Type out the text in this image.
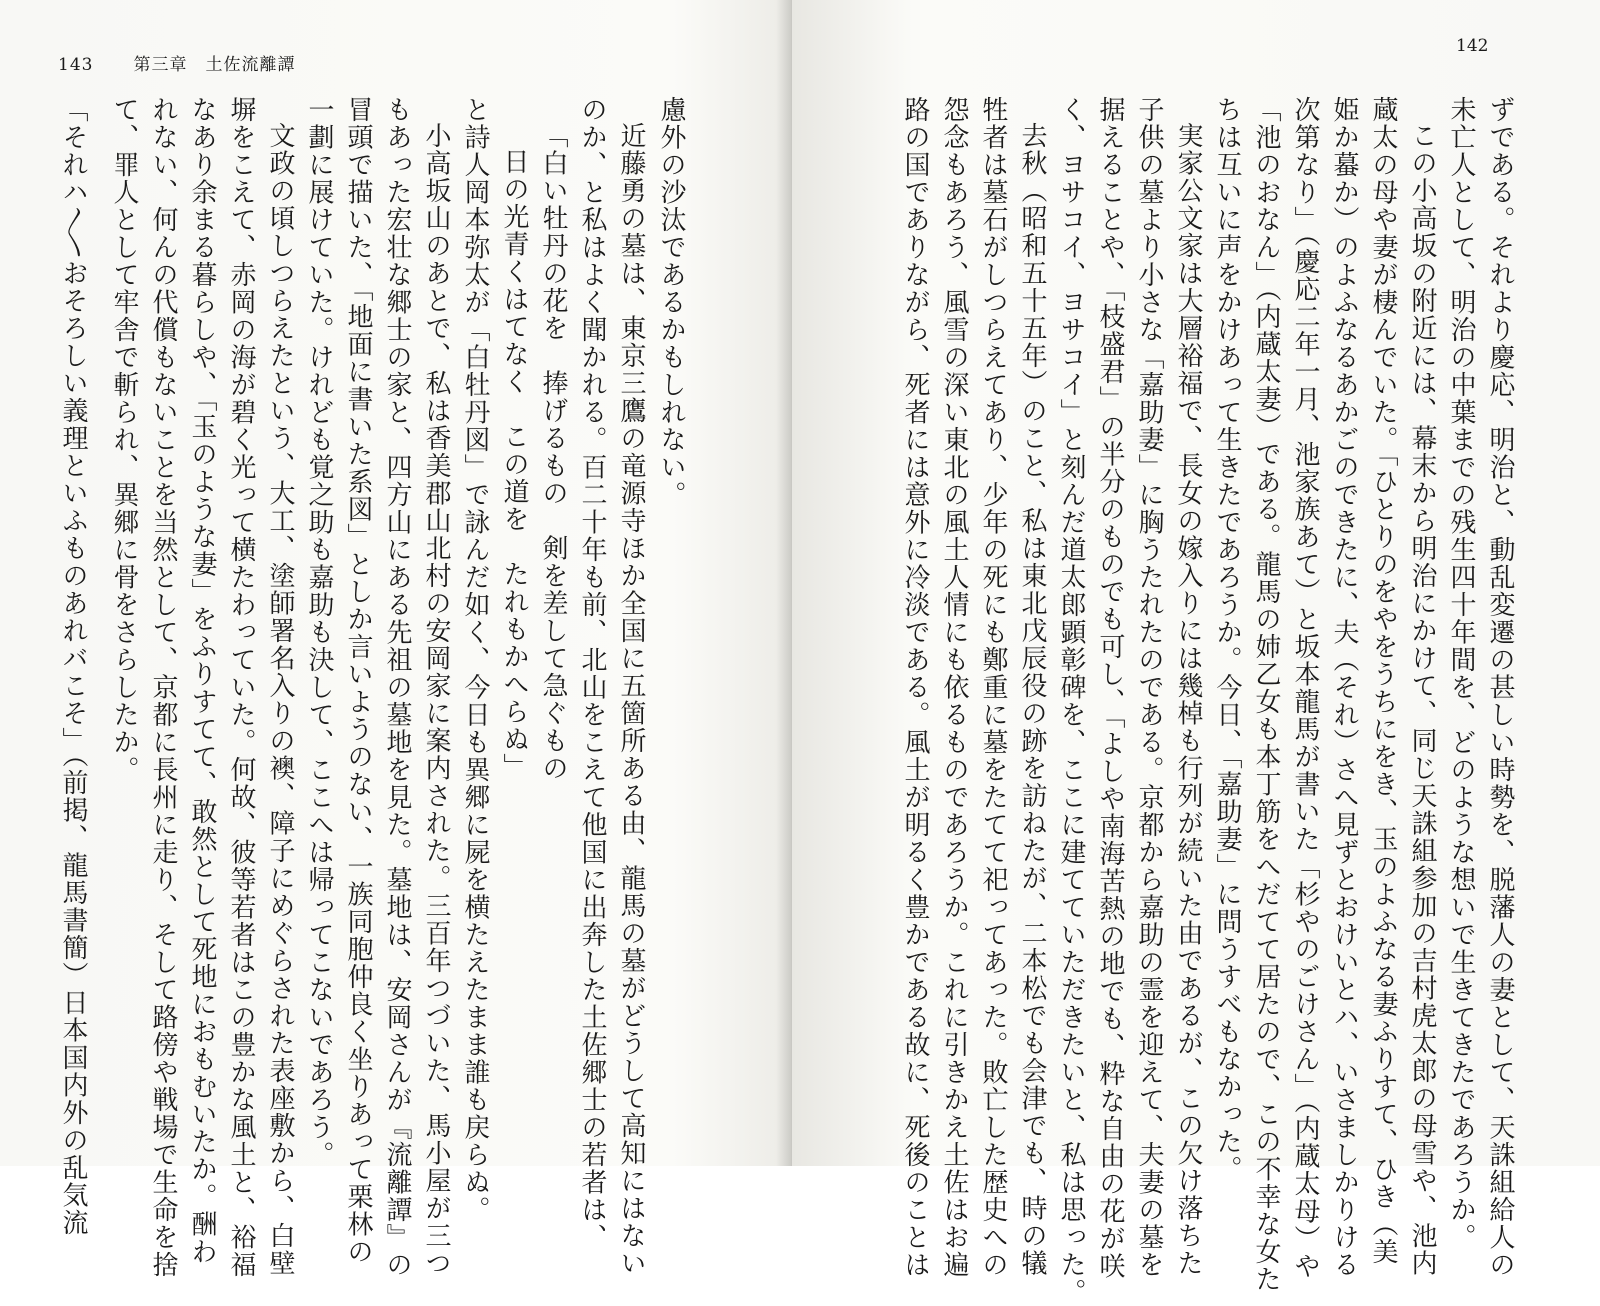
143 第三章　土佐流離譚
慮外の沙汰であるかもしれない。
近藤勇の墓は、東京三鷹の竜源寺ほか全国に五箇所ある由、龍馬の墓がどうして高知にはない
のか、と私はよく聞かれる。百二十年も前、北山をこえて他国に出奔した土佐郷士の若者は、
「白い牡丹の花を　捧げるもの　剣を差して急ぐもの
日の光青くはてなく　この道を　たれもかへらぬ」
と詩人岡本弥太が「白牡丹図」で詠んだ如く、今日も異郷に屍を横たえたまま誰も戻らぬ。
小高坂山のあとで、私は香美郡山北村の安岡家に案内された。三百年つづいた、馬小屋が三つ
もあった宏壮な郷士の家と、四方山にある先祖の墓地を見た。墓地は、安岡さんが『流離譚』の
冒頭で描いた、「地面に書いた系図」としか言いようのない、一族同胞仲良く坐りあって栗林の
一劃に展けていた。けれども覚之助も嘉助も決して、ここへは帰ってこないであろう。
文政の頃しつらえたという、大工、塗師署名入りの襖、障子にめぐらされた表座敷から、白壁
塀をこえて、赤岡の海が碧く光って横たわっていた。何故、彼等若者はこの豊かな風土と、裕福
なあり余まる暮らしや、「玉のような妻」をふりすてて、敢然として死地におもむいたか。酬わ
れない、何んの代償もないことを当然として、京都に長州に走り、そして路傍や戦場で生命を捨
て、罪人として牢舎で斬られ、異郷に骨をさらしたか。
「それハ〳〵おそろしい義理といふものあれバこそ」（前掲、龍馬書簡）日本国内外の乱気流
142
ずである。それより慶応、明治と、動乱変遷の甚しい時勢を、脱藩人の妻として、天誅組給人の
未亡人として、明治の中葉までの残生四十年間を、どのような想いで生きてきたであろうか。
この小高坂の附近には、幕末から明治にかけて、同じ天誅組参加の吉村虎太郎の母雪や、池内
蔵太の母や妻が棲んでいた。「ひとりのをやをうちにをき、玉のよふなる妻ふりすて、ひき（美
姫か蟇か）のよふなるあかごのできたに、夫（それ）さへ見ずとおけいとハ、いさましかりける
次第なり」（慶応二年一月、池家族あて）と坂本龍馬が書いた「杉やのごけさん」（内蔵太母）や
「池のおなん」（内蔵太妻）である。龍馬の姉乙女も本丁筋をへだてて居たので、この不幸な女た
ちは互いに声をかけあって生きたであろうか。今日、「嘉助妻」に問うすべもなかった。
実家公文家は大層裕福で、長女の嫁入りには幾棹も行列が続いた由であるが、この欠け落ちた
子供の墓より小さな「嘉助妻」に胸うたれたのである。京都から嘉助の霊を迎えて、夫妻の墓を
据えることや、「枝盛君」の半分のものでも可し、「よしや南海苦熱の地でも、粋な自由の花が咲
く、ヨサコイ、ヨサコイ」と刻んだ道太郎顕彰碑を、ここに建てていただきたいと、私は思った。
去秋（昭和五十五年）のこと、私は東北戊辰役の跡を訪ねたが、二本松でも会津でも、時の犠
牲者は墓石がしつらえてあり、少年の死にも鄭重に墓をたてて祀ってあった。敗亡した歴史への
怨念もあろう、風雪の深い東北の風土人情にも依るものであろうか。これに引きかえ土佐はお遍
路の国でありながら、死者には意外に冷淡である。風土が明るく豊かである故に、死後のことは
